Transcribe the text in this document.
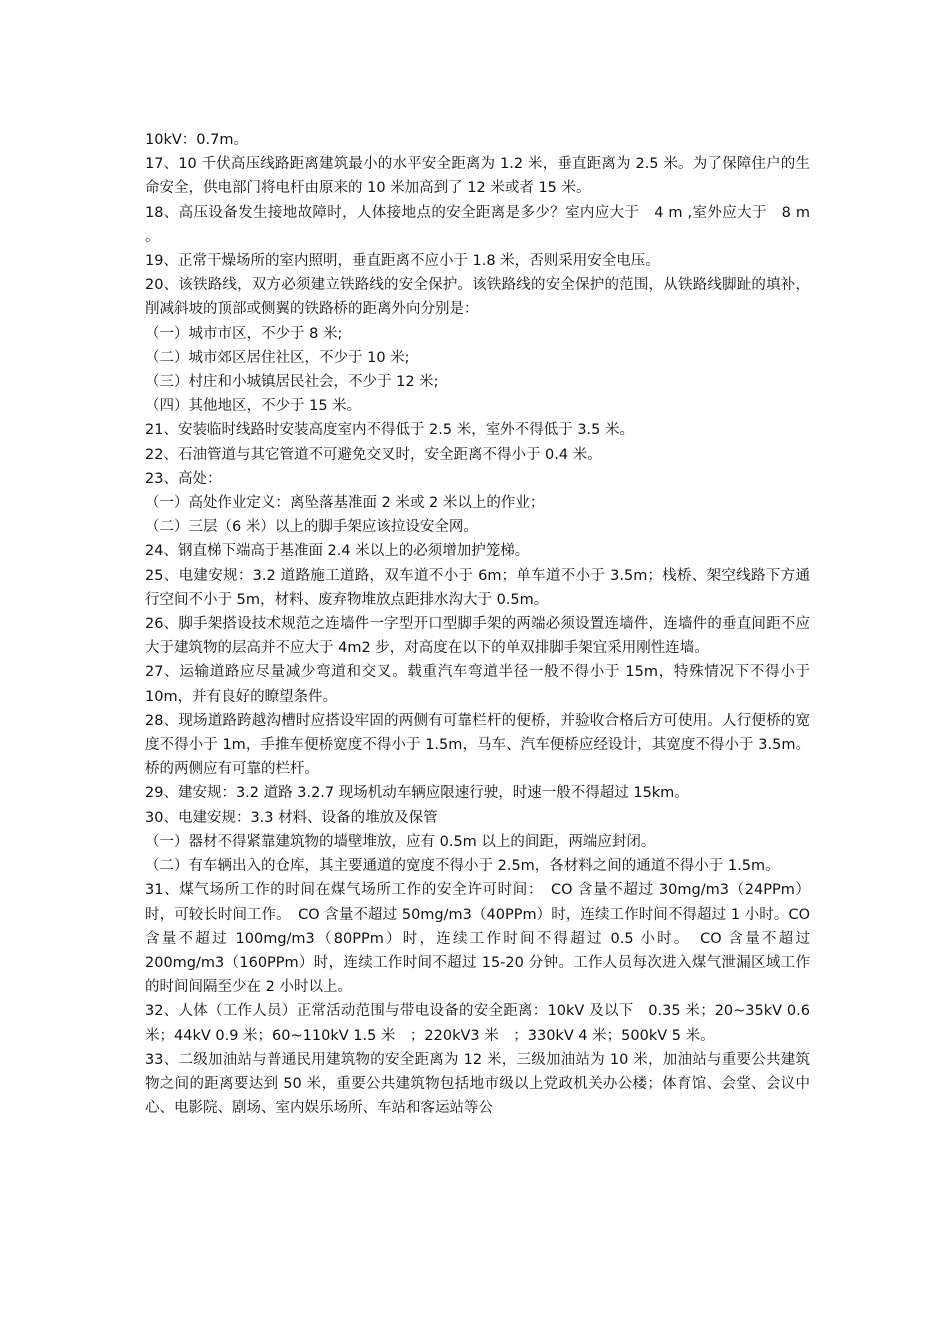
10kV：0.7m。

17、10 千伏高压线路距离建筑最小的水平安全距离为 1.2 米，垂直距离为 2.5 米。为了保障住户的生命安全，供电部门将电杆由原来的 10 米加高到了 12 米或者 15 米。

18、高压设备发生接地故障时，人体接地点的安全距离是多少？室内应大于　4 m ,室外应大于　8 m 。

19、正常干燥场所的室内照明，垂直距离不应小于 1.8 米，否则采用安全电压。

20、该铁路线，双方必须建立铁路线的安全保护。该铁路线的安全保护的范围，从铁路线脚趾的填补，削减斜坡的顶部或侧翼的铁路桥的距离外向分别是：

（一）城市市区，不少于 8 米;

（二）城市郊区居住社区，不少于 10 米;

（三）村庄和小城镇居民社会，不少于 12 米;

（四）其他地区，不少于 15 米。

21、安装临时线路时安装高度室内不得低于 2.5 米，室外不得低于 3.5 米。

22、石油管道与其它管道不可避免交叉时，安全距离不得小于 0.4 米。

23、高处：

（一）高处作业定义：离坠落基准面 2 米或 2 米以上的作业；

（二）三层（6 米）以上的脚手架应该拉设安全网。

24、钢直梯下端高于基准面 2.4 米以上的必须增加护笼梯。

25、电建安规：3.2 道路施工道路，双车道不小于 6m；单车道不小于 3.5m；栈桥、架空线路下方通行空间不小于 5m，材料、废弃物堆放点距排水沟大于 0.5m。

26、脚手架搭设技术规范之连墙件一字型开口型脚手架的两端必须设置连墙件，连墙件的垂直间距不应大于建筑物的层高并不应大于 4m2 步，对高度在以下的单双排脚手架宜采用刚性连墙。

27、运输道路应尽量减少弯道和交叉。载重汽车弯道半径一般不得小于 15m，特殊情况下不得小于 10m，并有良好的瞭望条件。

28、现场道路跨越沟槽时应搭设牢固的两侧有可靠栏杆的便桥，并验收合格后方可使用。人行便桥的宽度不得小于 1m，手推车便桥宽度不得小于 1.5m，马车、汽车便桥应经设计，其宽度不得小于 3.5m。桥的两侧应有可靠的栏杆。

29、建安规：3.2 道路 3.2.7 现场机动车辆应限速行驶，时速一般不得超过 15km。

30、电建安规：3.3 材料、设备的堆放及保管

（一）器材不得紧靠建筑物的墙壁堆放，应有 0.5m 以上的间距，两端应封闭。

（二）有车辆出入的仓库，其主要通道的宽度不得小于 2.5m，各材料之间的通道不得小于 1.5m。

31、煤气场所工作的时间在煤气场所工作的安全许可时间：　CO 含量不超过 30mg/m3（24PPm）时，可较长时间工作。　CO 含量不超过 50mg/m3（40PPm）时，连续工作时间不得超过 1 小时。CO 含量不超过 100mg/m3（80PPm）时，连续工作时间不得超过 0.5 小时。　CO 含量不超过 200mg/m3（160PPm）时，连续工作时间不超过 15-20 分钟。工作人员每次进入煤气泄漏区域工作的时间间隔至少在 2 小时以上。

32、人体（工作人员）正常活动范围与带电设备的安全距离：10kV 及以下　0.35 米；20~35kV 0.6 米；44kV 0.9 米；60~110kV 1.5 米　；220kV3 米　；330kV 4 米；500kV 5 米。

33、二级加油站与普通民用建筑物的安全距离为 12 米，三级加油站为 10 米，加油站与重要公共建筑物之间的距离要达到 50 米，重要公共建筑物包括地市级以上党政机关办公楼；体育馆、会堂、会议中心、电影院、剧场、室内娱乐场所、车站和客运站等公
